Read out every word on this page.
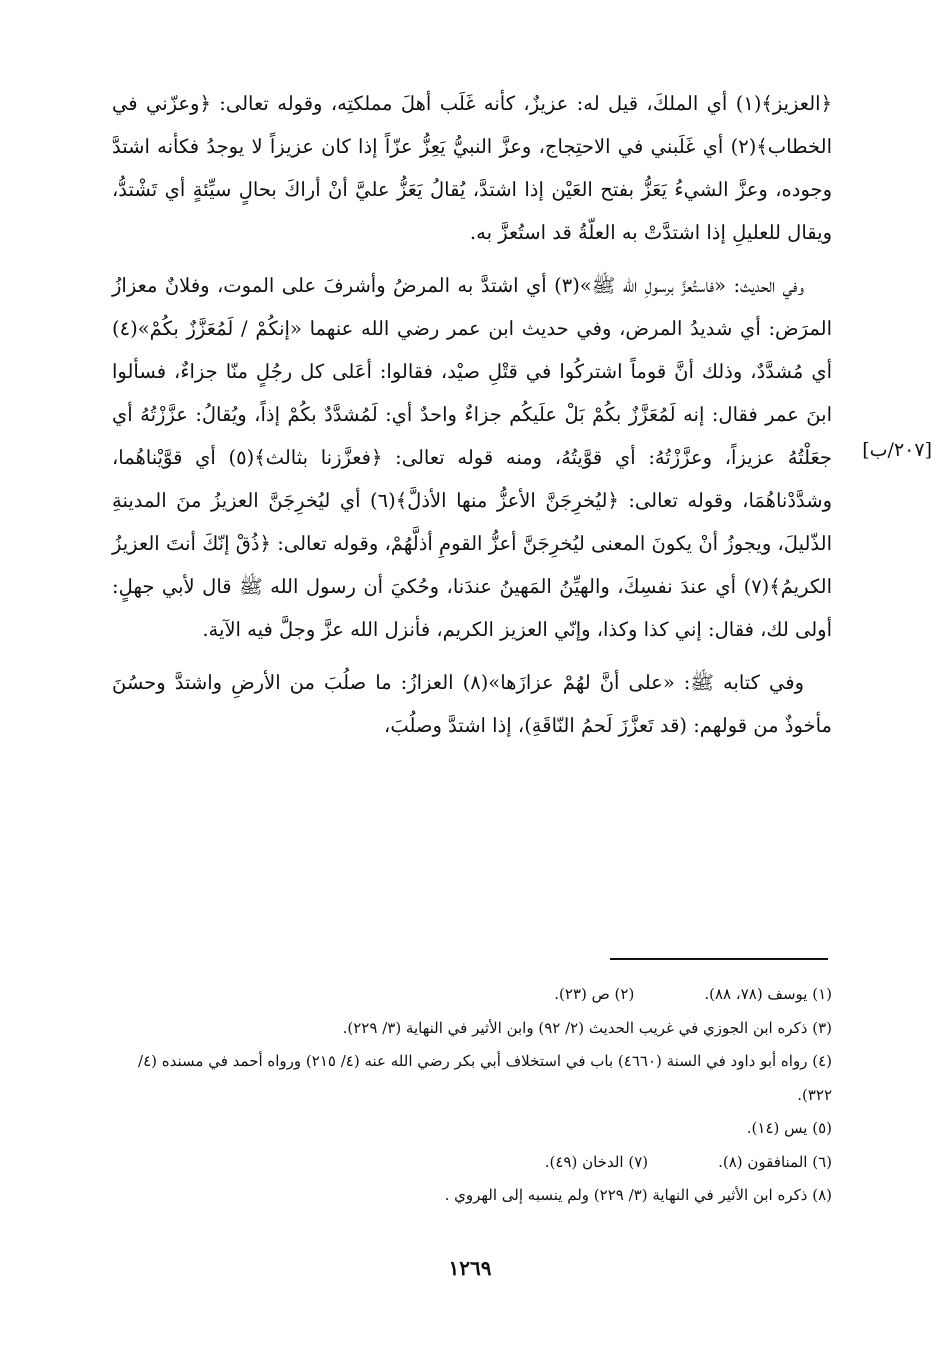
﴿العزيز﴾(١) أي الملكَ، قيل له: عزيزٌ، كأنه غَلَب أهلَ مملكتِه، وقوله تعالى: ﴿وعزّني في الخطاب﴾(٢) أي غَلَبني في الاحتِجاج، وعزَّ النبيُّ يَعِزُّ عزّاً إذا كان عزيزاً لا يوجدُ فكأنه اشتدَّ وجوده، وعزَّ الشيءُ يَعَزُّ بفتح العَيْن إذا اشتدَّ، يُقالُ يَعَزُّ عليَّ أنْ أراكَ بحالٍ سيِّئةٍ أي تَشْتدُّ، ويقال للعليلِ إذا اشتدَّتْ به العلّةُ قد استُعزَّ به.

وفي الحديث: «فاستُعزَّ برسولِ الله ﷺ»(٣) أي اشتدَّ به المرضُ وأشرفَ على الموت، وفلانٌ معزازُ المرَض: أي شديدُ المرض، وفي حديث ابن عمر رضي الله عنهما «إنكُمْ / لَمُعَزَّزٌ بكُمْ»(٤) أي مُشدَّدٌ، وذلك أنَّ قوماً اشتركُوا في قتْلِ صيْد، فقالوا: أعَلى كل رجُلٍ منّا جزاءٌ، فسألوا ابنَ عمر فقال: إنه لَمُعَزَّزٌ بكُمْ بَلْ علَيكُم جزاءٌ واحدٌ أي: لَمُشدَّدٌ بكُمْ إذاً، ويُقالُ: عزَّزْتُهُ أي جعَلْتُهُ عزيزاً، وعزَّزْتُهُ: أي قوَّيتُهُ، ومنه قوله تعالى: ﴿فعزَّزنا بثالث﴾(٥) أي قوَّيْناهُما، وشدَّدْناهُمَا، وقوله تعالى: ﴿ليُخرِجَنَّ الأعزُّ منها الأذلَّ﴾(٦) أي ليُخرِجَنَّ العزيزُ منَ المدينةِ الذّليلَ، ويجوزُ أنْ يكونَ المعنى ليُخرِجَنَّ أعزُّ القومِ أذلَّهُمْ، وقوله تعالى: ﴿ذُقْ إنّكَ أنتَ العزيزُ الكريمُ﴾(٧) أي عندَ نفسِكَ، والهيِّنُ المَهينُ عندَنا، وحُكيَ أن رسول الله ﷺ قال لأبي جهلٍ: أولى لك، فقال: إني كذا وكذا، وإنّي العزيز الكريم، فأنزل الله عزَّ وجلَّ فيه الآية.

وفي كتابه ﷺ: «على أنَّ لهُمْ عزازَها»(٨) العزازُ: ما صلُبَ من الأرضِ واشتدَّ وحسُنَ مأخوذٌ من قولهم: (قد تَعزَّزَ لَحمُ النّاقَةِ)، إذا اشتدَّ وصلُبَ،

[٢٠٧/ب]
(١) يوسف (٧٨، ٨٨).
(٢) ص (٢٣).

(٣) ذكره ابن الجوزي في غريب الحديث (٢/ ٩٢) وابن الأثير في النهاية (٣/ ٢٢٩).

(٤) رواه أبو داود في السنة (٤٦٦٠) باب في استخلاف أبي بكر رضي الله عنه (٤/ ٢١٥) ورواه أحمد في مسنده (٤/ ٣٢٢).

(٥) يس (١٤).

(٦) المنافقون (٨).
(٧) الدخان (٤٩).

(٨) ذكره ابن الأثير في النهاية (٣/ ٢٢٩) ولم ينسبه إلى الهروي .

١٢٦٩
